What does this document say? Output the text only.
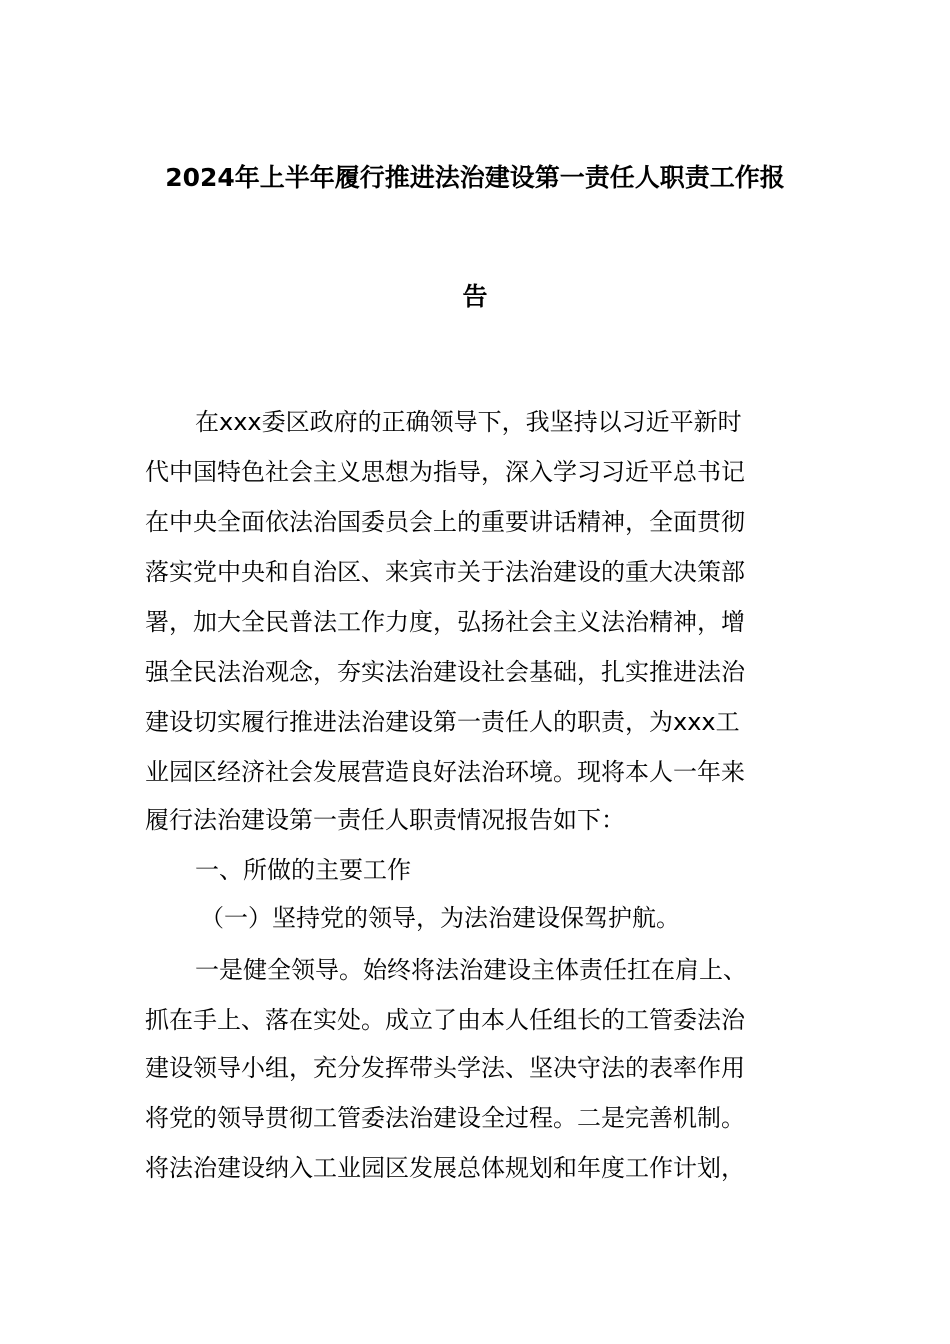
2024年上半年履行推进法治建设第一责任人职责工作报
告
在xxx委区政府的正确领导下，我坚持以习近平新时
代中国特色社会主义思想为指导，深入学习习近平总书记
在中央全面依法治国委员会上的重要讲话精神，全面贯彻
落实党中央和自治区、来宾市关于法治建设的重大决策部
署，加大全民普法工作力度，弘扬社会主义法治精神，增
强全民法治观念，夯实法治建设社会基础，扎实推进法治
建设切实履行推进法治建设第一责任人的职责，为xxx工
业园区经济社会发展营造良好法治环境。现将本人一年来
履行法治建设第一责任人职责情况报告如下：
一、所做的主要工作
（一）坚持党的领导，为法治建设保驾护航。
一是健全领导。始终将法治建设主体责任扛在肩上、
抓在手上、落在实处。成立了由本人任组长的工管委法治
建设领导小组，充分发挥带头学法、坚决守法的表率作用
将党的领导贯彻工管委法治建设全过程。二是完善机制。
将法治建设纳入工业园区发展总体规划和年度工作计划，
